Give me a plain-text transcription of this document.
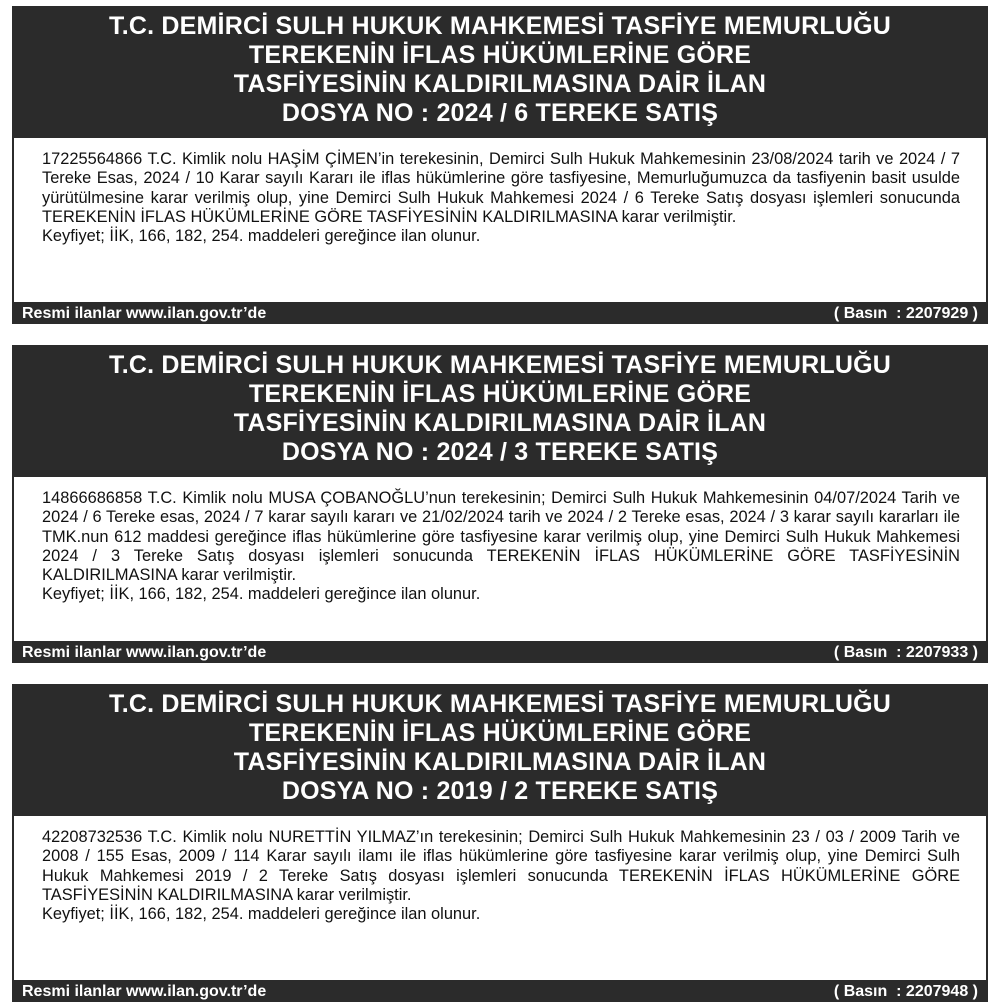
T.C. DEMİRCİ SULH HUKUK MAHKEMESİ TASFİYE MEMURLUĞU
TEREKENİN İFLAS HÜKÜMLERİNE GÖRE
TASFİYESİNİN KALDIRILMASINA DAİR İLAN
DOSYA NO : 2024 / 6 TEREKE SATIŞ

17225564866 T.C. Kimlik nolu HAŞİM ÇİMEN’in terekesinin, Demirci Sulh Hukuk Mahkemesinin 23/08/2024 tarih ve 2024 / 7 Tereke Esas, 2024 / 10 Karar sayılı Kararı ile iflas hükümlerine göre tasfiyesine, Memurluğumuzca da tasfiyenin basit usulde yürütülmesine karar verilmiş olup, yine Demirci Sulh Hukuk Mahkemesi 2024 / 6 Tereke Satış dosyası işlemleri sonucunda TEREKENİN İFLAS HÜKÜMLERİNE GÖRE TASFİYESİNİN KALDIRILMASINA karar verilmiştir.

Keyfiyet; İİK, 166, 182, 254. maddeleri gereğince ilan olunur.

Resmi ilanlar www.ilan.gov.tr’de	( Basın  : 2207929 )
T.C. DEMİRCİ SULH HUKUK MAHKEMESİ TASFİYE MEMURLUĞU
TEREKENİN İFLAS HÜKÜMLERİNE GÖRE
TASFİYESİNİN KALDIRILMASINA DAİR İLAN
DOSYA NO : 2024 / 3 TEREKE SATIŞ

14866686858 T.C. Kimlik nolu MUSA ÇOBANOĞLU’nun terekesinin; Demirci Sulh Hukuk Mahkemesinin 04/07/2024 Tarih ve 2024 / 6 Tereke esas, 2024 / 7 karar sayılı kararı ve 21/02/2024 tarih ve 2024 / 2 Tereke esas, 2024 / 3 karar sayılı kararları ile TMK.nun 612 maddesi gereğince iflas hükümlerine göre tasfiyesine karar verilmiş olup, yine Demirci Sulh Hukuk Mahkemesi 2024 / 3 Tereke Satış dosyası işlemleri sonucunda TEREKENİN İFLAS HÜKÜMLERİNE GÖRE TASFİYESİNİN KALDIRILMASINA karar verilmiştir.

Keyfiyet; İİK, 166, 182, 254. maddeleri gereğince ilan olunur.

Resmi ilanlar www.ilan.gov.tr’de	( Basın  : 2207933 )
T.C. DEMİRCİ SULH HUKUK MAHKEMESİ TASFİYE MEMURLUĞU
TEREKENİN İFLAS HÜKÜMLERİNE GÖRE
TASFİYESİNİN KALDIRILMASINA DAİR İLAN
DOSYA NO : 2019 / 2 TEREKE SATIŞ

42208732536 T.C. Kimlik nolu NURETTİN YILMAZ’ın terekesinin; Demirci Sulh Hukuk Mahkemesinin 23 / 03 / 2009 Tarih ve 2008 / 155 Esas, 2009 / 114 Karar sayılı ilamı ile iflas hükümlerine göre tasfiyesine karar verilmiş olup, yine Demirci Sulh Hukuk Mahkemesi 2019 / 2 Tereke Satış dosyası işlemleri sonucunda TEREKENİN İFLAS HÜKÜMLERİNE GÖRE TASFİYESİNİN KALDIRILMASINA karar verilmiştir.

Keyfiyet; İİK, 166, 182, 254. maddeleri gereğince ilan olunur.

Resmi ilanlar www.ilan.gov.tr’de	( Basın  : 2207948 )
